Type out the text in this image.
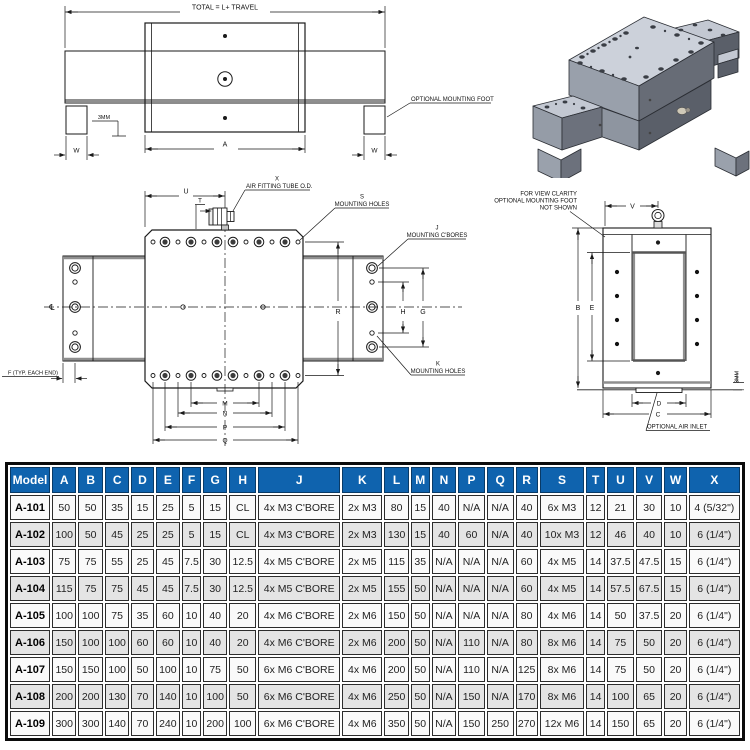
TOTAL = L+ TRAVEL
A
W	W
3MM
OPTIONAL MOUNTING FOOT
U
T
X
AIR FITTING TUBE O.D.
S
MOUNTING HOLES
J
MOUNTING C'BORES
K
MOUNTING HOLES
R	H G
M
N
P
Q
F (TYP. EACH END)
℄
FOR VIEW CLARITY
OPTIONAL MOUNTING FOOT
NOT SHOWN	V
B E
D
C
OPTIONAL AIR INLET
3MM
Model	A	B	C	D	E	F	G	H	J	K	L	M	N	P	Q	R	S	T	U	V	W	X
A-101	50	50	35	15	25	5	15	CL	4x M3 C'BORE	2x M3	80	15	40	N/A	N/A	40	6x M3	12	21	30	10	4 (5/32")
A-102	100	50	45	25	25	5	15	CL	4x M3 C'BORE	2x M3	130	15	40	60	N/A	40	10x M3	12	46	40	10	6 (1/4")
A-103	75	75	55	25	45	7.5	30	12.5	4x M5 C'BORE	2x M5	115	35	N/A	N/A	N/A	60	4x M5	14	37.5	47.5	15	6 (1/4")
A-104	115	75	75	45	45	7.5	30	12.5	4x M5 C'BORE	2x M5	155	50	N/A	N/A	N/A	60	4x M5	14	57.5	67.5	15	6 (1/4")
A-105	100	100	75	35	60	10	40	20	4x M6 C'BORE	2x M6	150	50	N/A	N/A	N/A	80	4x M6	14	50	37.5	20	6 (1/4")
A-106	150	100	100	60	60	10	40	20	4x M6 C'BORE	2x M6	200	50	N/A	110	N/A	80	8x M6	14	75	50	20	6 (1/4")
A-107	150	150	100	50	100	10	75	50	6x M6 C'BORE	4x M6	200	50	N/A	110	N/A	125	8x M6	14	75	50	20	6 (1/4")
A-108	200	200	130	70	140	10	100	50	6x M6 C'BORE	4x M6	250	50	N/A	150	N/A	170	8x M6	14	100	65	20	6 (1/4")
A-109	300	300	140	70	240	10	200	100	6x M6 C'BORE	4x M6	350	50	N/A	150	250	270	12x M6	14	150	65	20	6 (1/4")
